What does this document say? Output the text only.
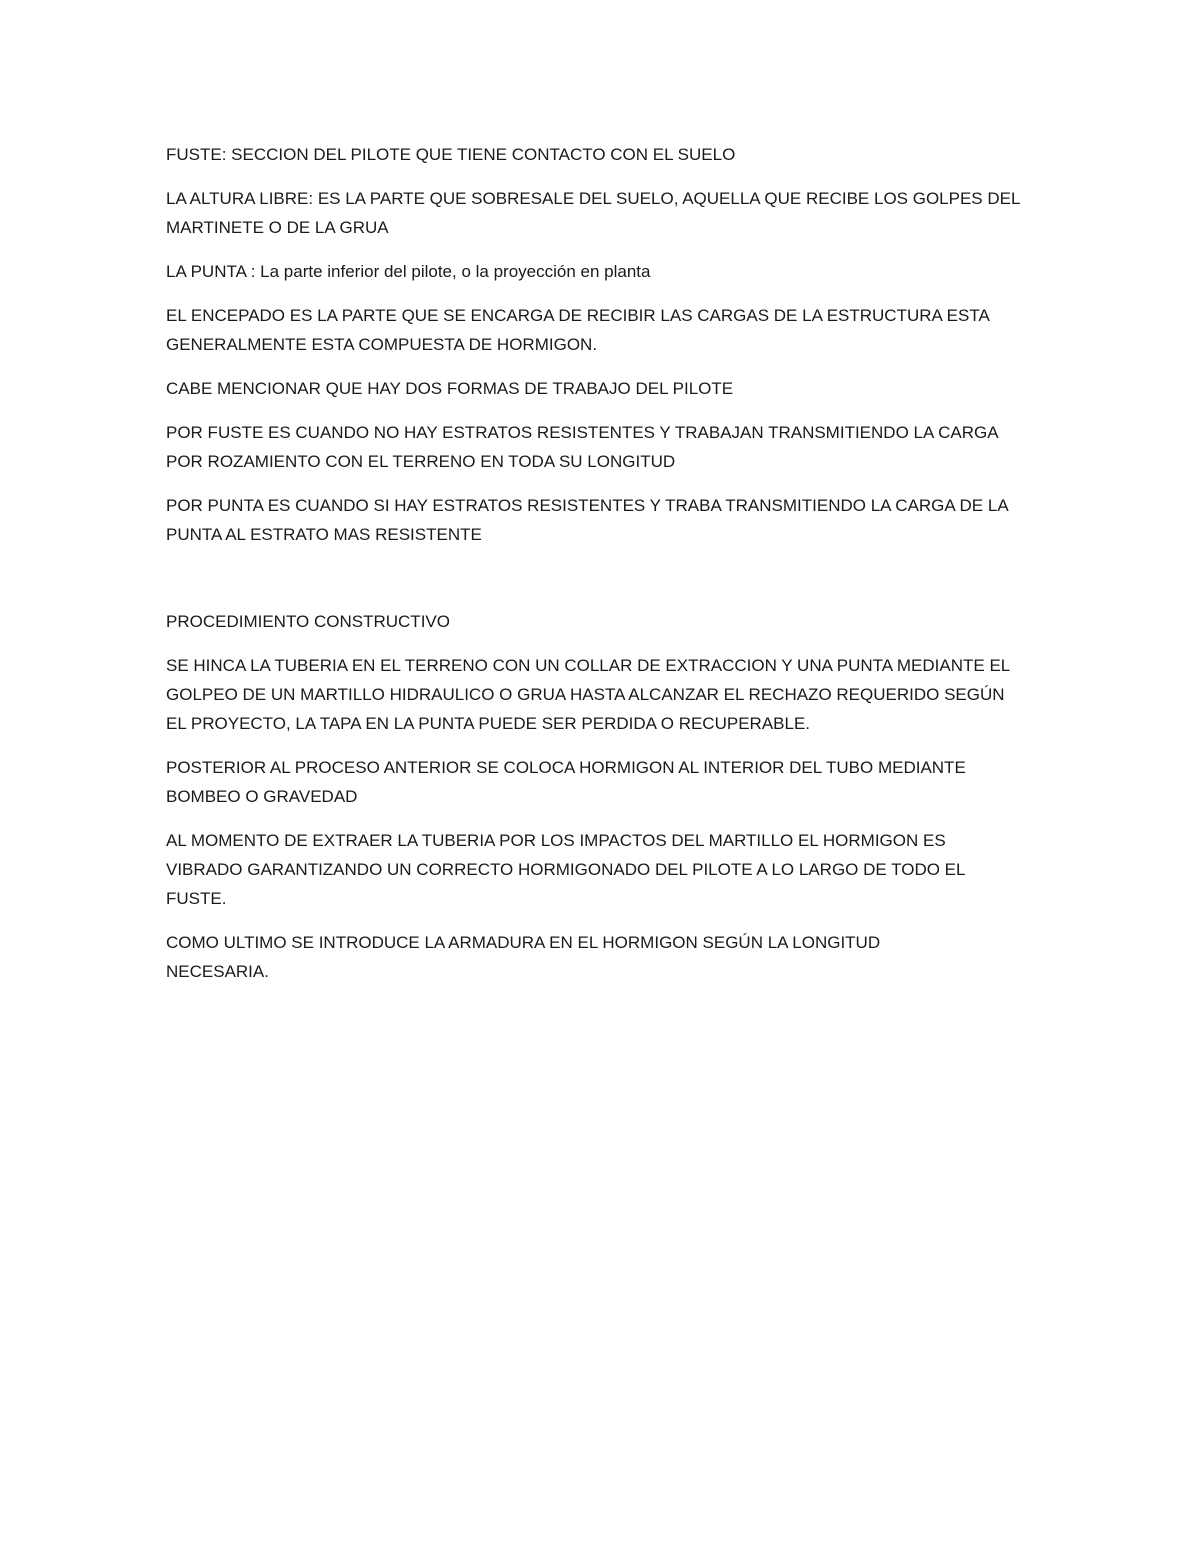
FUSTE: SECCION DEL PILOTE QUE TIENE CONTACTO CON EL SUELO

LA ALTURA LIBRE: ES LA PARTE QUE SOBRESALE DEL SUELO, AQUELLA QUE RECIBE LOS GOLPES DEL MARTINETE O DE LA GRUA

LA PUNTA : La parte inferior del pilote, o la proyección en planta

EL ENCEPADO ES LA PARTE QUE SE ENCARGA DE RECIBIR LAS CARGAS DE LA ESTRUCTURA ESTA GENERALMENTE ESTA COMPUESTA DE HORMIGON.

CABE MENCIONAR QUE HAY DOS FORMAS DE TRABAJO DEL PILOTE

POR FUSTE ES CUANDO NO HAY ESTRATOS RESISTENTES Y TRABAJAN TRANSMITIENDO LA CARGA POR ROZAMIENTO CON EL TERRENO EN TODA SU LONGITUD

POR PUNTA ES CUANDO SI HAY ESTRATOS RESISTENTES Y TRABA TRANSMITIENDO LA CARGA DE LA PUNTA AL ESTRATO MAS RESISTENTE

PROCEDIMIENTO CONSTRUCTIVO

SE HINCA LA TUBERIA EN EL TERRENO CON UN COLLAR DE EXTRACCION Y UNA PUNTA MEDIANTE EL GOLPEO DE UN MARTILLO HIDRAULICO O GRUA HASTA ALCANZAR EL RECHAZO REQUERIDO SEGÚN EL PROYECTO, LA TAPA EN LA PUNTA PUEDE SER PERDIDA O RECUPERABLE.

POSTERIOR AL PROCESO ANTERIOR SE COLOCA HORMIGON AL INTERIOR DEL TUBO MEDIANTE BOMBEO O GRAVEDAD

AL MOMENTO DE EXTRAER LA TUBERIA POR LOS IMPACTOS DEL MARTILLO EL HORMIGON ES VIBRADO GARANTIZANDO UN CORRECTO HORMIGONADO DEL PILOTE A LO LARGO DE TODO EL FUSTE.

COMO ULTIMO SE INTRODUCE LA ARMADURA EN EL HORMIGON SEGÚN LA LONGITUD NECESARIA.
